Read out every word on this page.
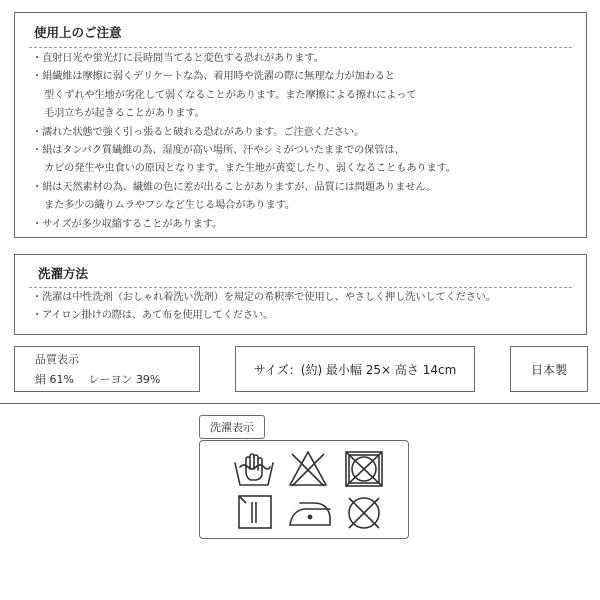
使用上のご注意
・直射日光や蛍光灯に長時間当てると変色する恐れがあります。
・絹繊維は摩擦に弱くデリケートな為、着用時や洗濯の際に無理な力が加わると
型くずれや生地が劣化して弱くなることがあります。また摩擦による擦れによって
毛羽立ちが起きることがあります。
・濡れた状態で強く引っ張ると破れる恐れがあります。ご注意ください。
・絹はタンパク質繊維の為、湿度が高い場所、汗やシミがついたままでの保管は、
カビの発生や虫食いの原因となります。また生地が黄変したり、弱くなることもあります。
・絹は天然素材の為、繊維の色に差が出ることがありますが、品質には問題ありません。
また多少の織りムラやフシなど生じる場合があります。
・サイズが多少収縮することがあります。
洗濯方法
・洗濯は中性洗剤（おしゃれ着洗い洗剤）を規定の希釈率で使用し、やさしく押し洗いしてください。
・アイロン掛けの際は、あて布を使用してください。
品質表示
絹 61%　 レーヨン 39%
サイズ：(約) 最小幅 25× 高さ 14cm	日本製
洗濯表示
